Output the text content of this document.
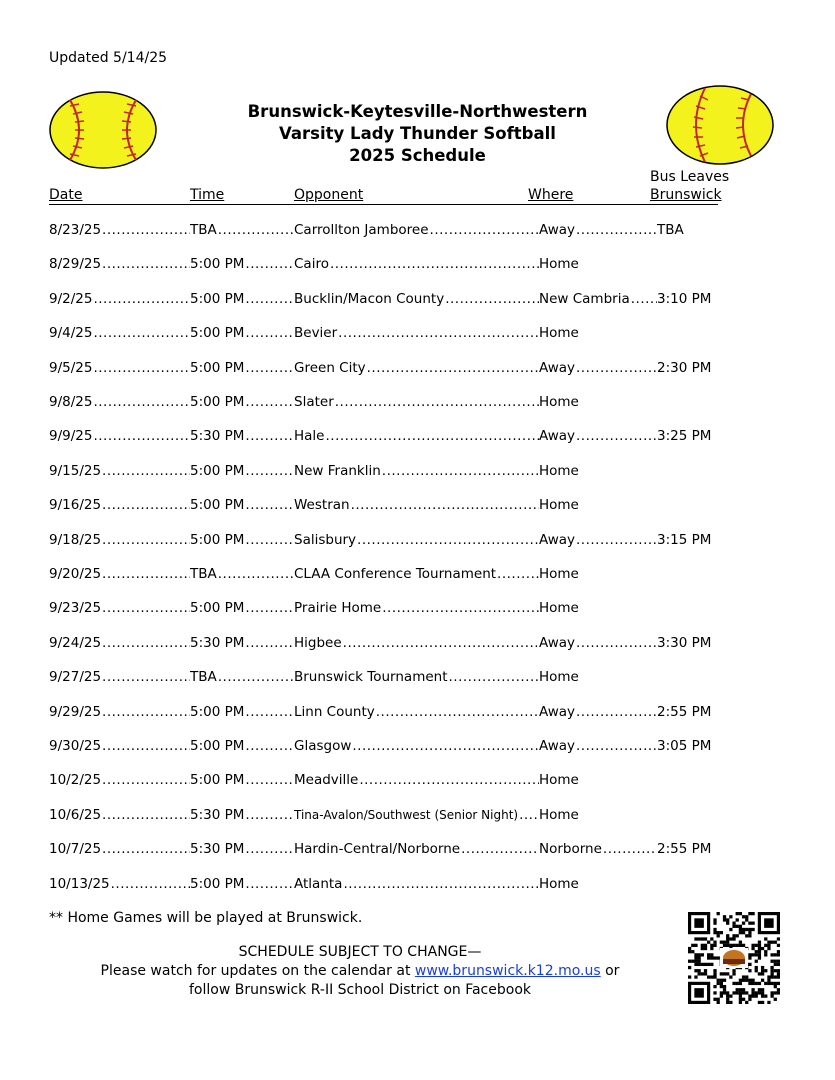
Updated 5/14/25
Brunswick-Keytesville-Northwestern
Varsity Lady Thunder Softball
2025 Schedule
Bus Leaves
Brunswick
Date	Time	Opponent	Where
8/23/25 .....	TBA .....	Carrollton Jamboree .....	Away .....	TBA
8/29/25 .....	5:00 PM .....	Cairo .....	Home
9/2/25 .....	5:00 PM .....	Bucklin/Macon County .....	New Cambria .....	3:10 PM
9/4/25 .....	5:00 PM .....	Bevier .....	Home
9/5/25 .....	5:00 PM .....	Green City .....	Away .....	2:30 PM
9/8/25 .....	5:00 PM .....	Slater .....	Home
9/9/25 .....	5:30 PM .....	Hale .....	Away .....	3:25 PM
9/15/25 .....	5:00 PM .....	New Franklin .....	Home
9/16/25 .....	5:00 PM .....	Westran .....	Home
9/18/25 .....	5:00 PM .....	Salisbury .....	Away .....	3:15 PM
9/20/25 .....	TBA .....	CLAA Conference Tournament .....	Home
9/23/25 .....	5:00 PM .....	Prairie Home .....	Home
9/24/25 .....	5:30 PM .....	Higbee .....	Away .....	3:30 PM
9/27/25 .....	TBA .....	Brunswick Tournament .....	Home
9/29/25 .....	5:00 PM .....	Linn County .....	Away .....	2:55 PM
9/30/25 .....	5:00 PM .....	Glasgow .....	Away .....	3:05 PM
10/2/25 .....	5:00 PM .....	Meadville .....	Home
10/6/25 .....	5:30 PM .....	Tina-Avalon/Southwest (Senior Night) .....	Home
10/7/25 .....	5:30 PM .....	Hardin-Central/Norborne .....	Norborne .....	2:55 PM
10/13/25 .....	5:00 PM .....	Atlanta .....	Home
** Home Games will be played at Brunswick.
SCHEDULE SUBJECT TO CHANGE—
Please watch for updates on the calendar at www.brunswick.k12.mo.us or
follow Brunswick R-II School District on Facebook
